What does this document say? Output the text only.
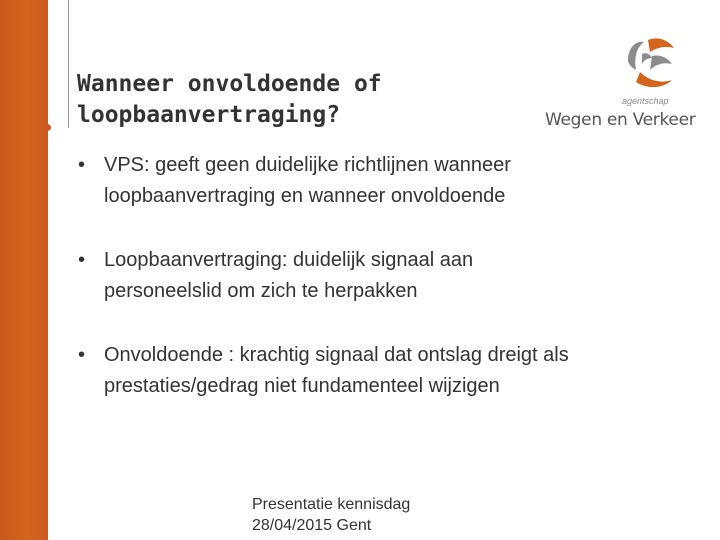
Wanneer onvoldoende of
loopbaanvertraging?
agentschap
Wegen en Verkeer
• VPS: geeft geen duidelijke richtlijnen wanneer
loopbaanvertraging en wanneer onvoldoende
• Loopbaanvertraging: duidelijk signaal aan
personeelslid om zich te herpakken
• Onvoldoende : krachtig signaal dat ontslag dreigt als
prestaties/gedrag niet fundamenteel wijzigen
Presentatie kennisdag
28/04/2015 Gent
